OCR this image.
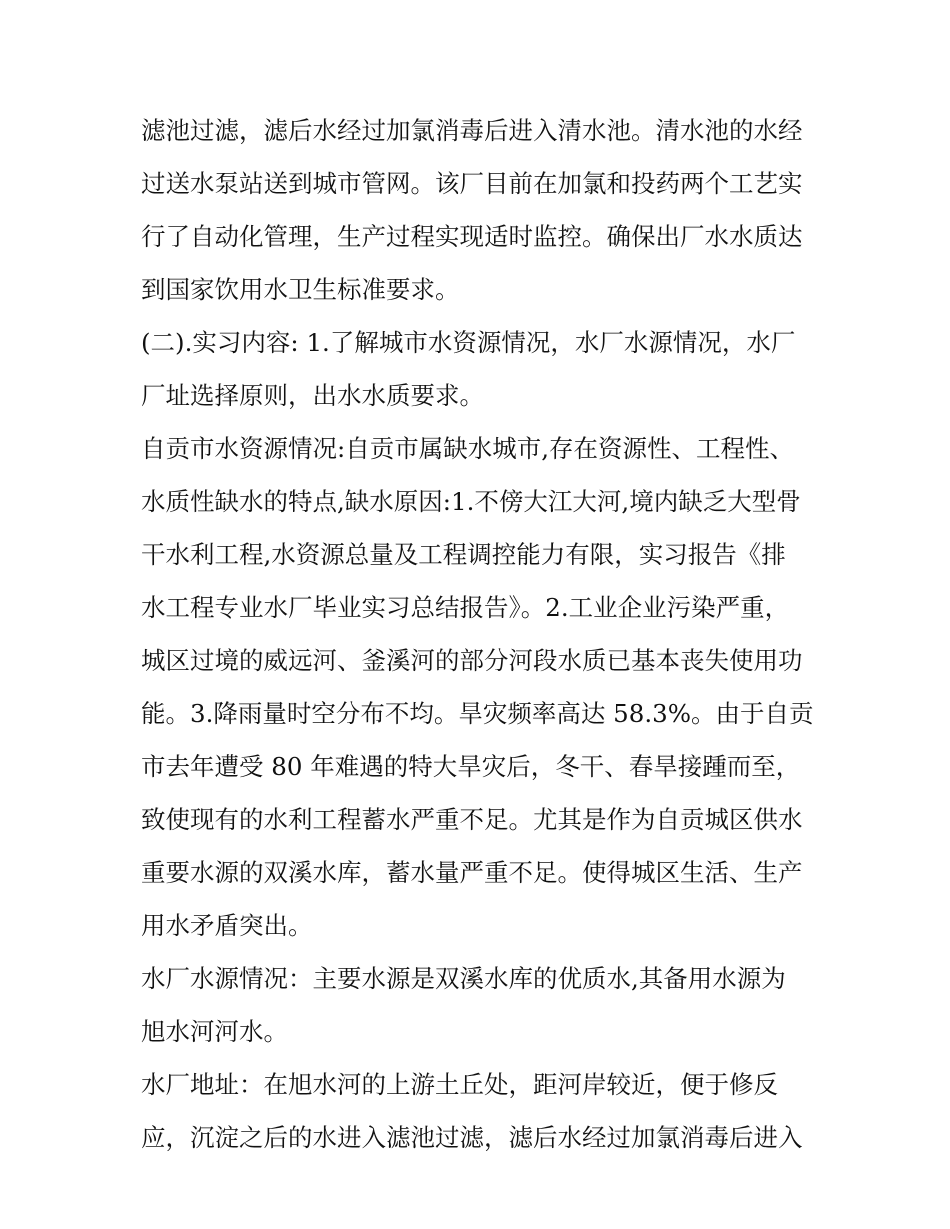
滤池过滤，滤后水经过加氯消毒后进入清水池。清水池的水经
过送水泵站送到城市管网。该厂目前在加氯和投药两个工艺实
行了自动化管理，生产过程实现适时监控。确保出厂水水质达
到国家饮用水卫生标准要求。
(二).实习内容: 1.了解城市水资源情况，水厂水源情况，水厂
厂址选择原则，出水水质要求。
自贡市水资源情况:自贡市属缺水城市,存在资源性、工程性、
水质性缺水的特点,缺水原因:1.不傍大江大河,境内缺乏大型骨
干水利工程,水资源总量及工程调控能力有限，实习报告《排
水工程专业水厂毕业实习总结报告》。2.工业企业污染严重，
城区过境的威远河、釜溪河的部分河段水质已基本丧失使用功
能。3.降雨量时空分布不均。旱灾频率高达 58.3%。由于自贡
市去年遭受 80 年难遇的特大旱灾后，冬干、春旱接踵而至，
致使现有的水利工程蓄水严重不足。尤其是作为自贡城区供水
重要水源的双溪水库，蓄水量严重不足。使得城区生活、生产
用水矛盾突出。
水厂水源情况：主要水源是双溪水库的优质水,其备用水源为
旭水河河水。
水厂地址：在旭水河的上游土丘处，距河岸较近，便于修反
应，沉淀之后的水进入滤池过滤，滤后水经过加氯消毒后进入
